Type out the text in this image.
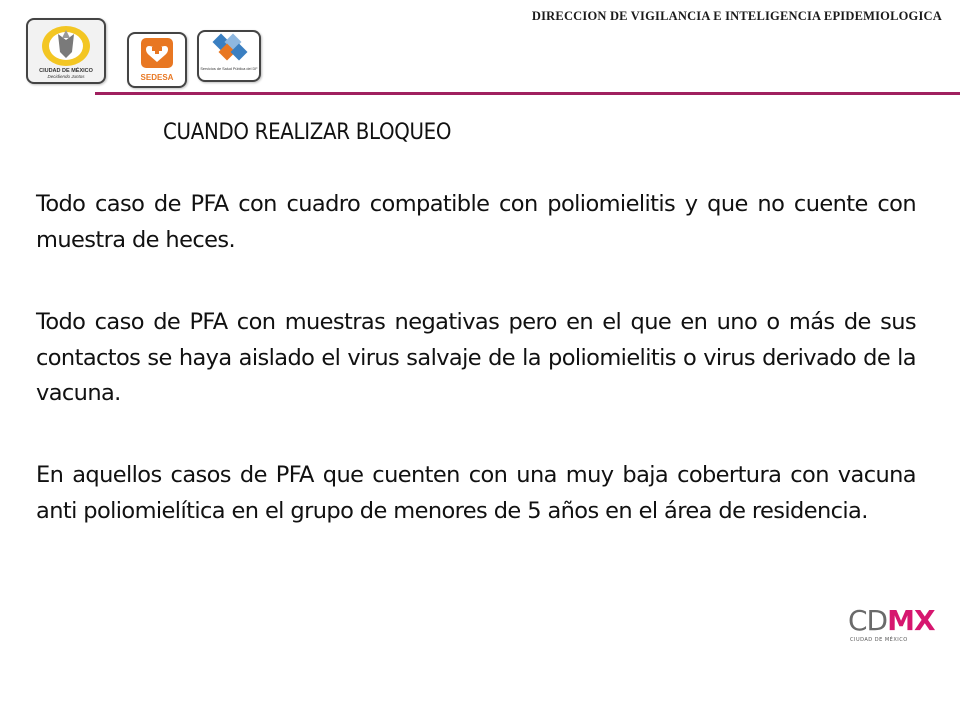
DIRECCION DE VIGILANCIA E INTELIGENCIA EPIDEMIOLOGICA
CIUDAD DE MÉXICO
Decidiendo Juntos	SEDESA
Servicios de Salud Pública del DF
CUANDO REALIZAR BLOQUEO

Todo caso de PFA con cuadro compatible con poliomielitis y que no cuente con muestra de heces.

Todo caso de PFA con muestras negativas pero en el que en uno o más de sus contactos se haya aislado el virus salvaje de la poliomielitis o virus derivado de la vacuna.

En aquellos casos de PFA que cuenten con una muy baja cobertura con vacuna anti poliomielítica en el grupo de menores de 5 años en el área de residencia.

CDMX
CIUDAD DE MÉXICO
